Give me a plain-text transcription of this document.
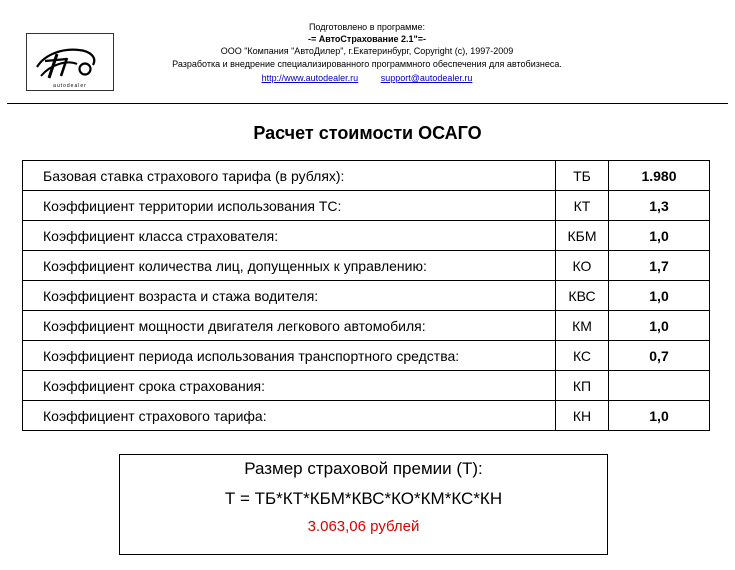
autodealer
Подготовлено в программе:
-= АвтоСтрахование 2.1"=-
ООО "Компания "АвтоДилер", г.Екатеринбург, Copyright (c), 1997-2009
Разработка и внедрение специализированного программного обеспечения для автобизнеса.
http://www.autodealer.ru	support@autodealer.ru
Расчет стоимости ОСАГО
Базовая ставка страхового тарифа (в рублях):	ТБ	1.980
Коэффициент территории использования ТС:	КТ	1,3
Коэффициент класса страхователя:	КБМ	1,0
Коэффициент количества лиц, допущенных к управлению:	КО	1,7
Коэффициент возраста и стажа водителя:	КВС	1,0
Коэффициент мощности двигателя легкового автомобиля:	КМ	1,0
Коэффициент периода использования транспортного средства:	КС	0,7
Коэффициент срока страхования:	КП	
Коэффициент страхового тарифа:	КН	1,0
Размер страховой премии (Т):
Т = ТБ*КТ*КБМ*КВС*КО*КМ*КС*КН
3.063,06 рублей
